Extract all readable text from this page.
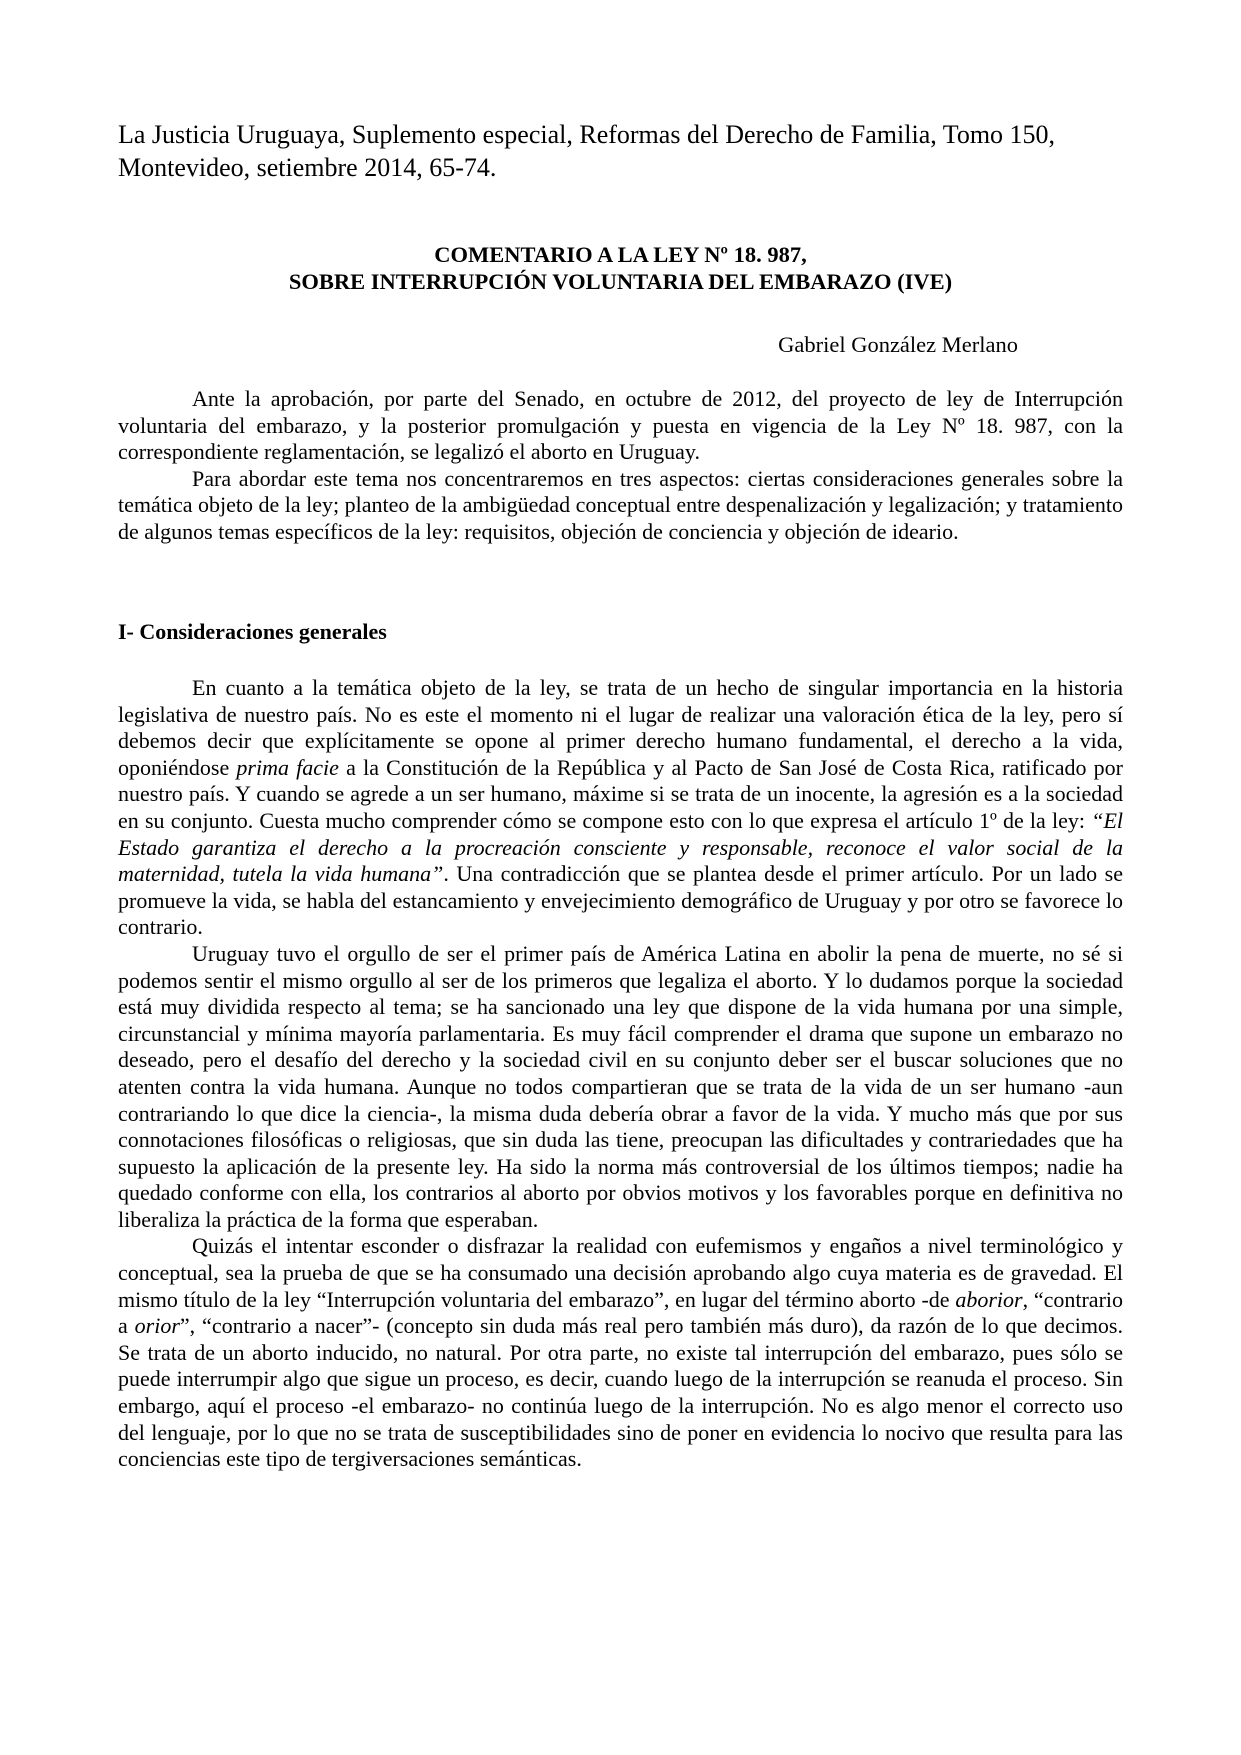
La Justicia Uruguaya, Suplemento especial, Reformas del Derecho de Familia, Tomo 150, Montevideo, setiembre 2014, 65-74.
COMENTARIO A LA LEY Nº 18. 987,
SOBRE INTERRUPCIÓN VOLUNTARIA DEL EMBARAZO (IVE)
Gabriel González Merlano

Ante la aprobación, por parte del Senado, en octubre de 2012, del proyecto de ley de Interrupción voluntaria del embarazo, y la posterior promulgación y puesta en vigencia de la Ley Nº 18. 987, con la correspondiente reglamentación, se legalizó el aborto en Uruguay.

Para abordar este tema nos concentraremos en tres aspectos: ciertas consideraciones generales sobre la temática objeto de la ley; planteo de la ambigüedad conceptual entre despenalización y legalización; y tratamiento de algunos temas específicos de la ley: requisitos, objeción de conciencia y objeción de ideario.

I- Consideraciones generales

En cuanto a la temática objeto de la ley, se trata de un hecho de singular importancia en la historia legislativa de nuestro país. No es este el momento ni el lugar de realizar una valoración ética de la ley, pero sí debemos decir que explícitamente se opone al primer derecho humano fundamental, el derecho a la vida, oponiéndose prima facie a la Constitución de la República y al Pacto de San José de Costa Rica, ratificado por nuestro país. Y cuando se agrede a un ser humano, máxime si se trata de un inocente, la agresión es a la sociedad en su conjunto. Cuesta mucho comprender cómo se compone esto con lo que expresa el artículo 1º de la ley: “El Estado garantiza el derecho a la procreación consciente y responsable, reconoce el valor social de la maternidad, tutela la vida humana”. Una contradicción que se plantea desde el primer artículo. Por un lado se promueve la vida, se habla del estancamiento y envejecimiento demográfico de Uruguay y por otro se favorece lo contrario.

Uruguay tuvo el orgullo de ser el primer país de América Latina en abolir la pena de muerte, no sé si podemos sentir el mismo orgullo al ser de los primeros que legaliza el aborto. Y lo dudamos porque la sociedad está muy dividida respecto al tema; se ha sancionado una ley que dispone de la vida humana por una simple, circunstancial y mínima mayoría parlamentaria. Es muy fácil comprender el drama que supone un embarazo no deseado, pero el desafío del derecho y la sociedad civil en su conjunto deber ser el buscar soluciones que no atenten contra la vida humana. Aunque no todos compartieran que se trata de la vida de un ser humano -aun contrariando lo que dice la ciencia-, la misma duda debería obrar a favor de la vida. Y mucho más que por sus connotaciones filosóficas o religiosas, que sin duda las tiene, preocupan las dificultades y contrariedades que ha supuesto la aplicación de la presente ley. Ha sido la norma más controversial de los últimos tiempos; nadie ha quedado conforme con ella, los contrarios al aborto por obvios motivos y los favorables porque en definitiva no liberaliza la práctica de la forma que esperaban.

Quizás el intentar esconder o disfrazar la realidad con eufemismos y engaños a nivel terminológico y conceptual, sea la prueba de que se ha consumado una decisión aprobando algo cuya materia es de gravedad. El mismo título de la ley “Interrupción voluntaria del embarazo”, en lugar del término aborto -de aborior, “contrario a orior”, “contrario a nacer”- (concepto sin duda más real pero también más duro), da razón de lo que decimos. Se trata de un aborto inducido, no natural. Por otra parte, no existe tal interrupción del embarazo, pues sólo se puede interrumpir algo que sigue un proceso, es decir, cuando luego de la interrupción se reanuda el proceso. Sin embargo, aquí el proceso -el embarazo- no continúa luego de la interrupción. No es algo menor el correcto uso del lenguaje, por lo que no se trata de susceptibilidades sino de poner en evidencia lo nocivo que resulta para las conciencias este tipo de tergiversaciones semánticas.
